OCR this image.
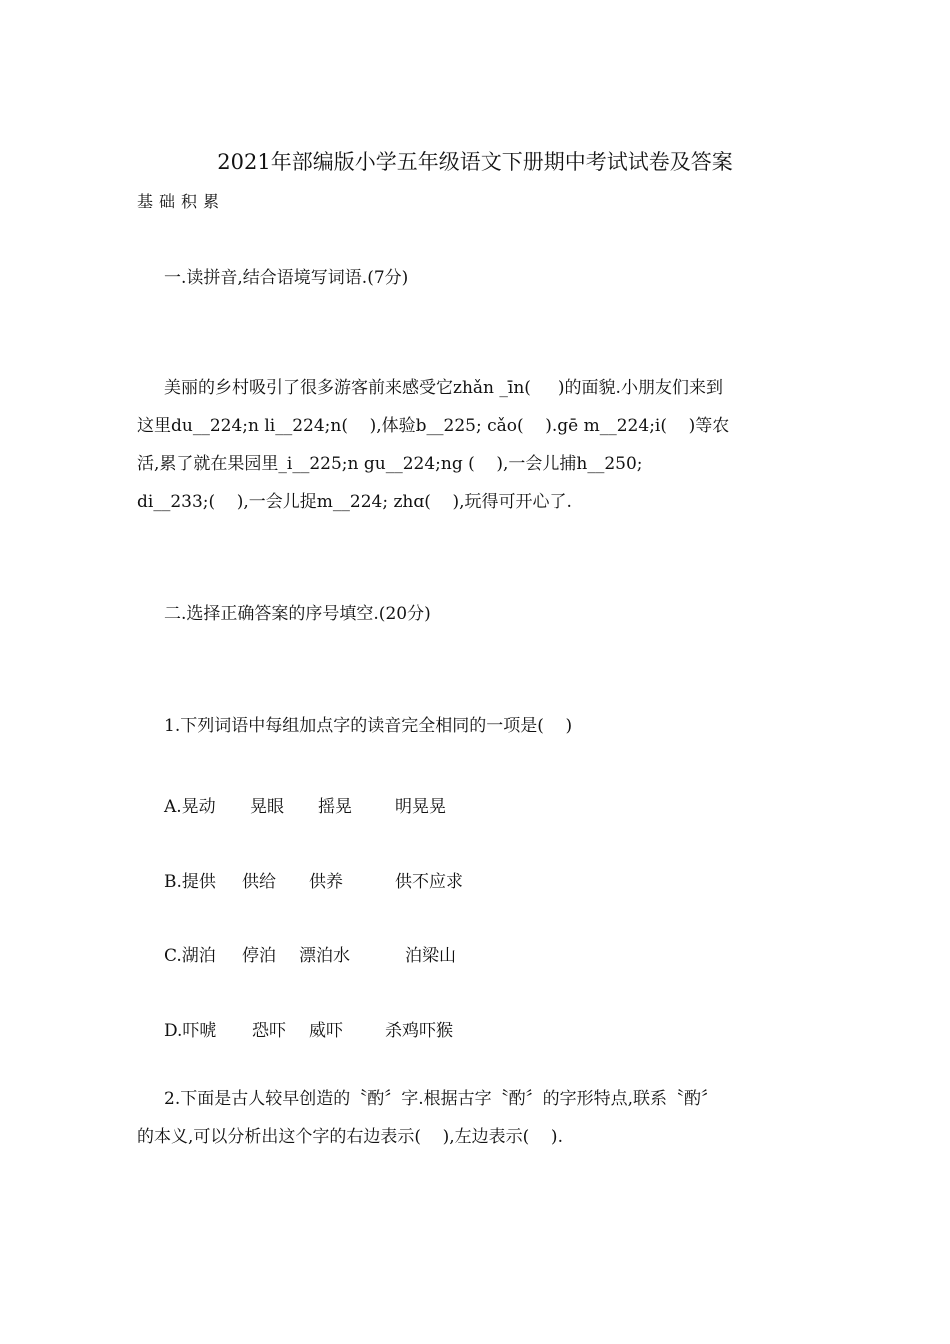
2021年部编版小学五年级语文下册期中考试试卷及答案
基础积累
一.读拼音,结合语境写词语.(7分)
美丽的乡村吸引了很多游客前来感受它zhǎn _īn(     )的面貌.小朋友们来到
这里du__224;n li__224;n(    ),体验b__225; cǎo(    ).gē m__224;i(    )等农
活,累了就在果园里_i__225;n gu__224;ng (    ),一会儿捕h__250;
di__233;(    ),一会儿捉m__224; zhɑ(    ),玩得可开心了.
二.选择正确答案的序号填空.(20分)
1.下列词语中每组加点字的读音完全相同的一项是(    )
A.晃动	晃眼	摇晃	明晃晃
B.提供	供给	供养	供不应求
C.湖泊	停泊	漂泊水	泊梁山
D.吓唬	恐吓	威吓	杀鸡吓猴
2.下面是古人较早创造的〝酌〞字.根据古字〝酌〞的字形特点,联系〝酌〞
的本义,可以分析出这个字的右边表示(    ),左边表示(    ).
